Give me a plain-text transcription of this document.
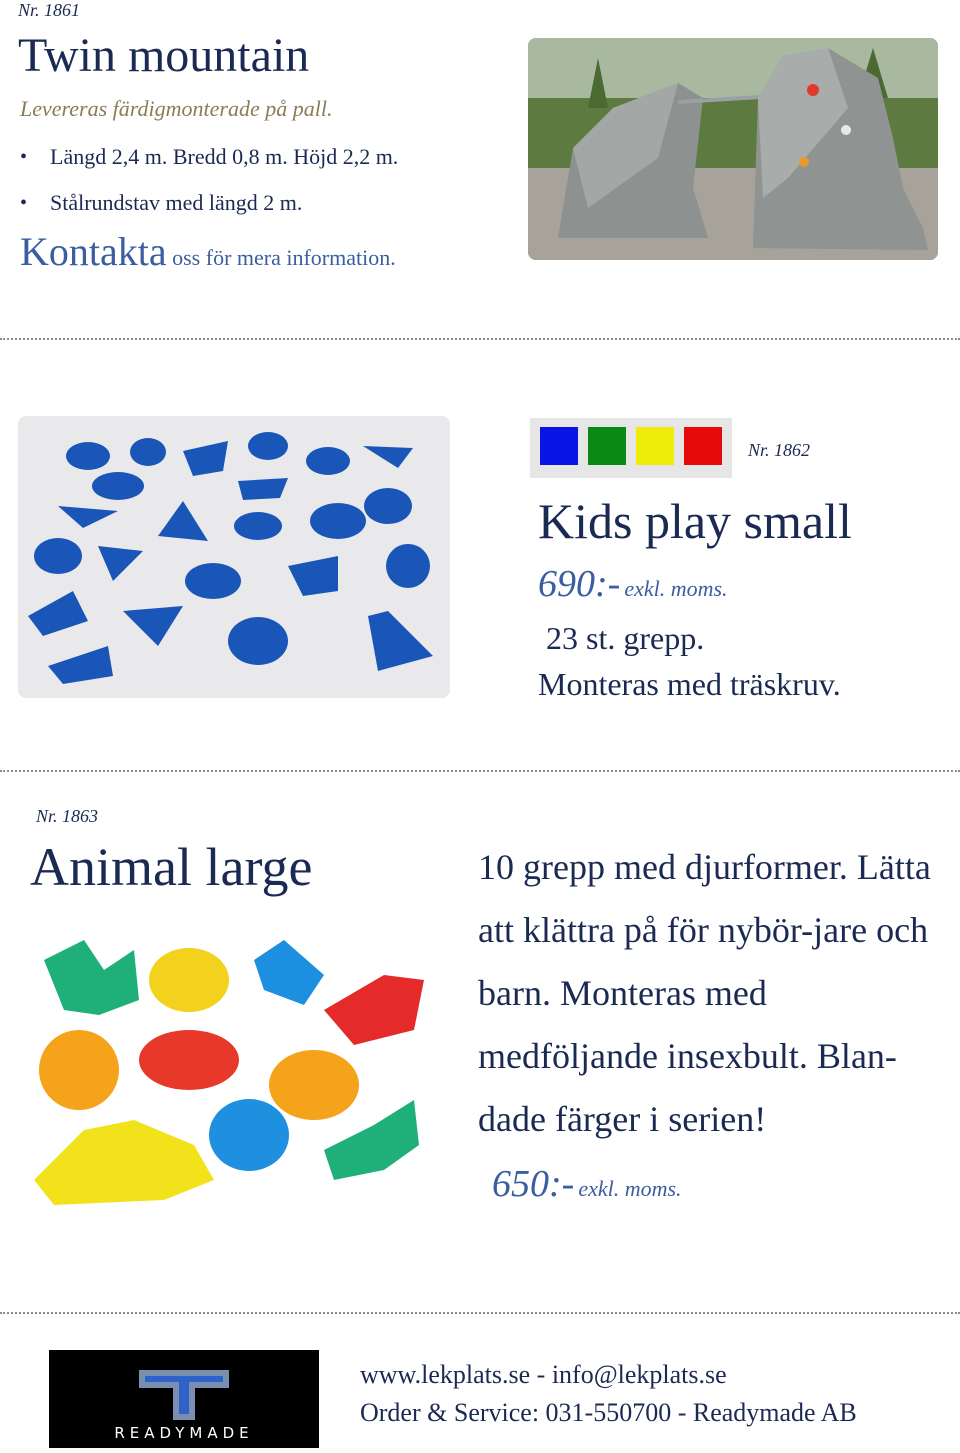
Nr. 1861
Twin mountain
Levereras färdigmonterade på pall.
• Längd 2,4 m. Bredd 0,8 m. Höjd 2,2 m.
• Stålrundstav med längd 2 m.
Kontakta oss för mera information.
Nr. 1862
Kids play small
690:- exkl. moms.
23 st. grepp.
Monteras med träskruv.
Nr. 1863
Animal large	10 grepp med djurformer. Lätta att klättra på för nybör-jare och barn. Monteras med medföljande insexbult. Blan-dade färger i serien!

650:- exkl. moms.
READYMADE
www.lekplats.se - info@lekplats.se
Order & Service: 031-550700 - Readymade AB
